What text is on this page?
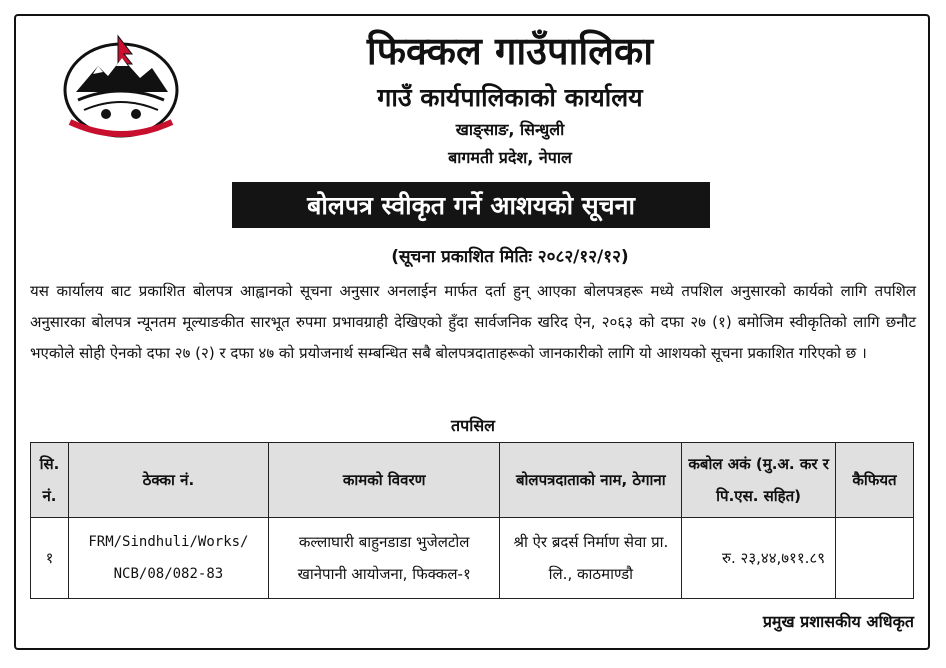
फिक्कल गाउँपालिका
गाउँ कार्यपालिकाको कार्यालय
खाङ्साङ, सिन्धुली
बागमती प्रदेश, नेपाल
बोलपत्र स्वीकृत गर्ने आशयको सूचना
(सूचना प्रकाशित मितिः २०८२/१२/१२)
यस कार्यालय बाट प्रकाशित बोलपत्र आह्वानको सूचना अनुसार अनलाईन मार्फत दर्ता हुन् आएका बोलपत्रहरू मध्ये तपशिल अनुसारको कार्यको लागि तपशिल अनुसारका बोलपत्र न्यूनतम मूल्याङकीत सारभूत रुपमा प्रभावग्राही देखिएको हुँदा सार्वजनिक खरिद ऐन, २०६३ को दफा २७ (१) बमोजिम स्वीकृतिको लागि छनौट भएकोले सोही ऐनको दफा २७ (२) र दफा ४७ को प्रयोजनार्थ सम्बन्धित सबै बोलपत्रदाताहरूको जानकारीको लागि यो आशयको सूचना प्रकाशित गरिएको छ ।
तपसिल
सि. नं.	ठेक्का नं.	कामको विवरण	बोलपत्रदाताको नाम, ठेगाना	कबोल अकं (मु.अ. कर र पि.एस. सहित)	कैफियत
१	FRM/Sindhuli/Works/ NCB/08/082-83	कल्लाघारी बाहुनडाडा भुजेलटोल खानेपानी आयोजना, फिक्कल-१	श्री ऐर ब्रदर्स निर्माण सेवा प्रा. लि., काठमाण्डौ	रु. २३,४४,७११.८९	
प्रमुख प्रशासकीय अधिकृत
